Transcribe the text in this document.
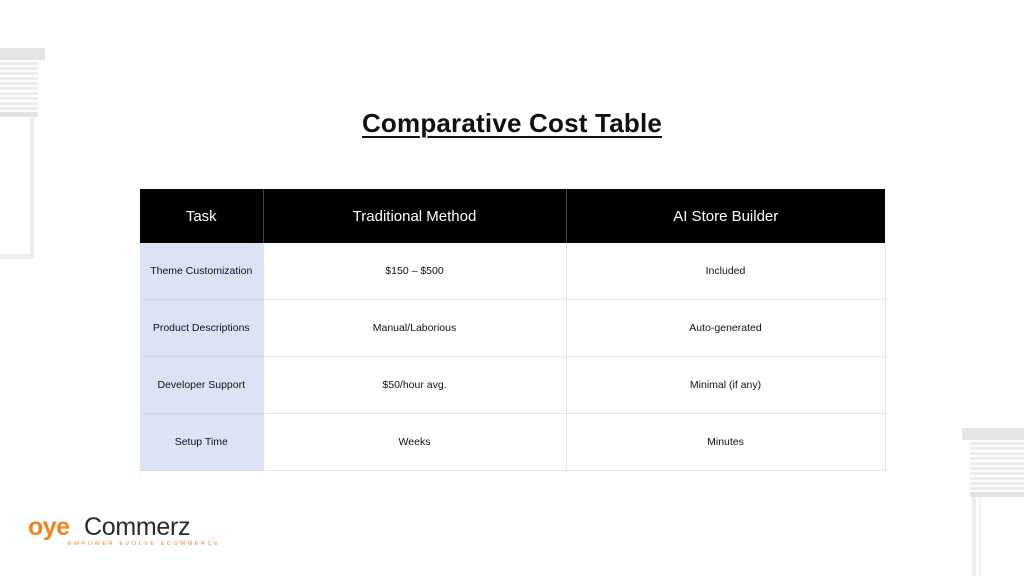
Comparative Cost Table
Task	Traditional Method	AI Store Builder
Theme Customization	$150 – $500	Included
Product Descriptions	Manual/Laborious	Auto-generated
Developer Support	$50/hour avg.	Minimal (if any)
Setup Time	Weeks	Minutes
oye Commerz
EMPOWER EVOLVE ECOMMERCE
